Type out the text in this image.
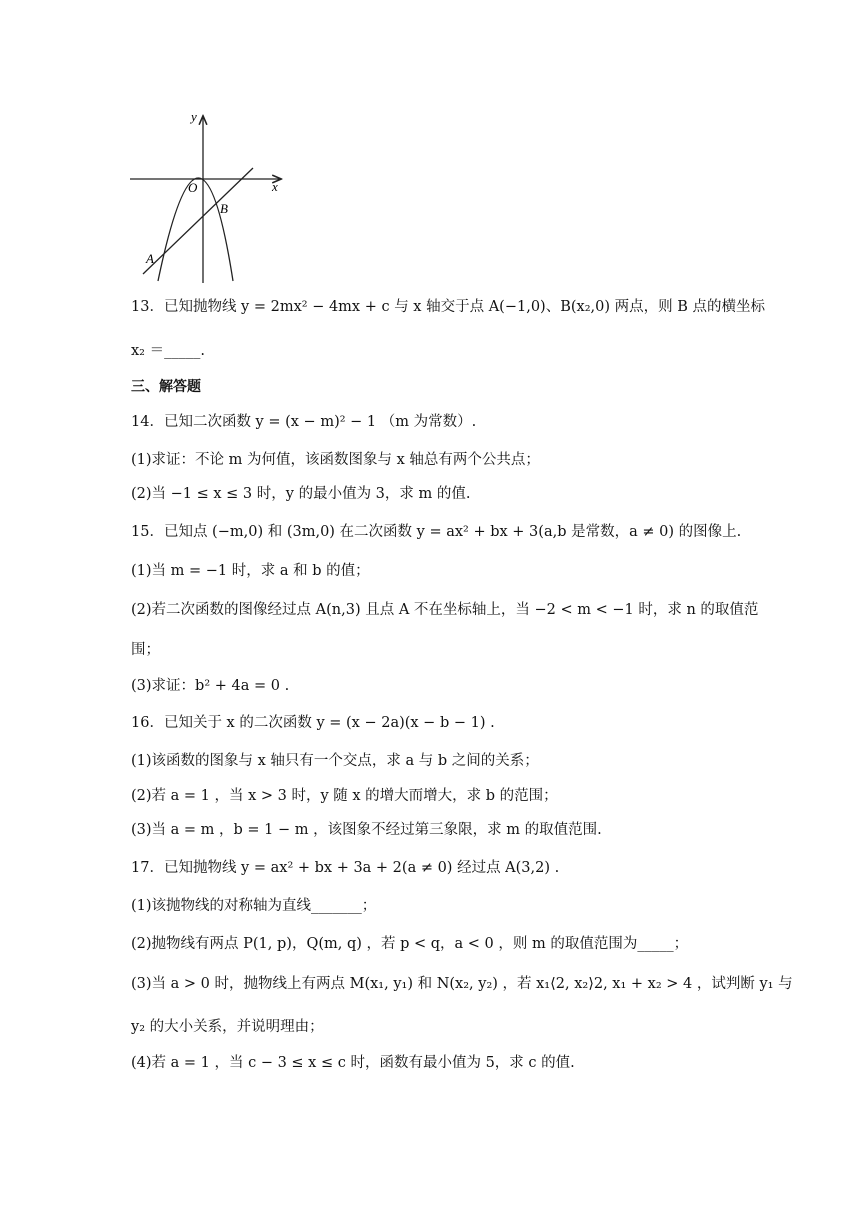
y
x
O
B
A
13．已知抛物线 y = 2mx² − 4mx + c 与 x 轴交于点 A(−1,0)、B(x₂,0) 两点，则 B 点的横坐标
x₂ ＝_____.
三、解答题
14．已知二次函数 y = (x − m)² − 1 （m 为常数）.
(1)求证：不论 m 为何值，该函数图象与 x 轴总有两个公共点；
(2)当 −1 ≤ x ≤ 3 时，y 的最小值为 3，求 m 的值.
15．已知点 (−m,0) 和 (3m,0) 在二次函数 y = ax² + bx + 3(a,b 是常数，a ≠ 0) 的图像上.
(1)当 m = −1 时，求 a 和 b 的值；
(2)若二次函数的图像经过点 A(n,3) 且点 A 不在坐标轴上，当 −2 < m < −1 时，求 n 的取值范
围；
(3)求证：b² + 4a = 0 .
16．已知关于 x 的二次函数 y = (x − 2a)(x − b − 1) .
(1)该函数的图象与 x 轴只有一个交点，求 a 与 b 之间的关系；
(2)若 a = 1 ，当 x > 3 时，y 随 x 的增大而增大，求 b 的范围；
(3)当 a = m ，b = 1 − m ，该图象不经过第三象限，求 m 的取值范围.
17．已知抛物线 y = ax² + bx + 3a + 2(a ≠ 0) 经过点 A(3,2) .
(1)该抛物线的对称轴为直线_______；
(2)抛物线有两点 P(1, p)，Q(m, q) ，若 p < q，a < 0 ，则 m 的取值范围为_____；
(3)当 a > 0 时，抛物线上有两点 M(x₁, y₁) 和 N(x₂, y₂) ，若 x₁⟨2, x₂⟩2, x₁ + x₂ > 4 ，试判断 y₁ 与
y₂ 的大小关系，并说明理由；
(4)若 a = 1 ，当 c − 3 ≤ x ≤ c 时，函数有最小值为 5，求 c 的值.
